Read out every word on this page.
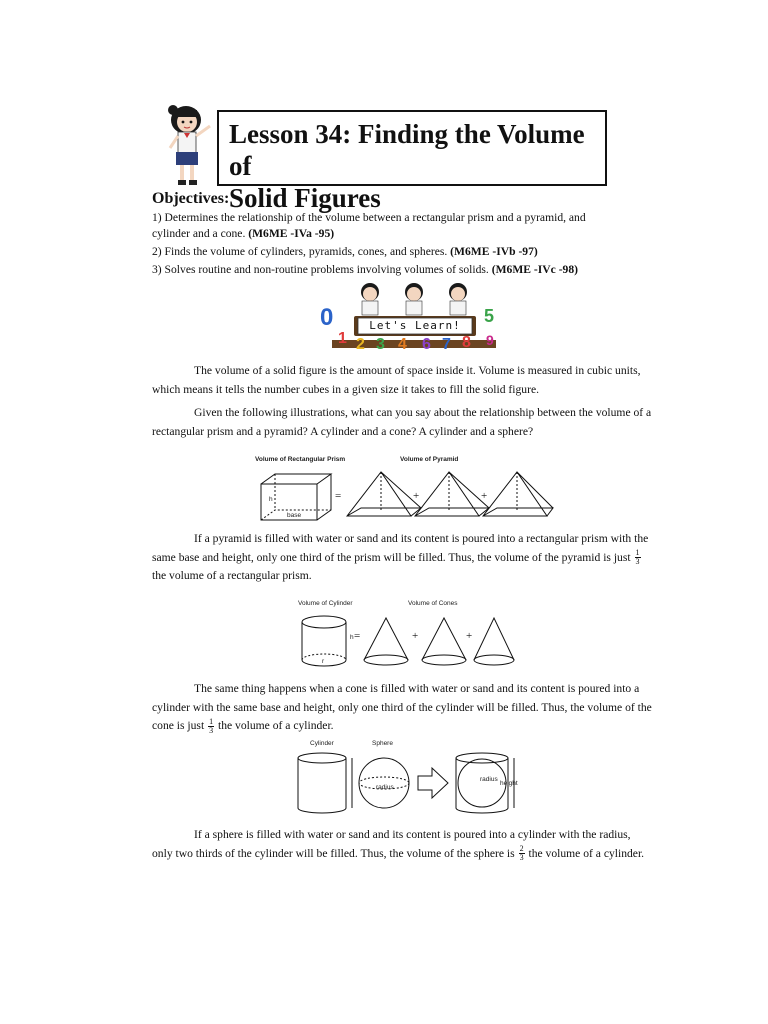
Lesson 34: Finding the Volume of
Solid Figures
Objectives:
1) Determines the relationship of the volume between a rectangular prism and a pyramid, and
cylinder and a cone. (M6ME -IVa -95)
2) Finds the volume of cylinders, pyramids, cones, and spheres. (M6ME -IVb -97)
3) Solves routine and non-routine problems involving volumes of solids. (M6ME -IVc -98)
Let's Learn!
0
1 2 3 4
5
6 7 8 9
The volume of a solid figure is the amount of space inside it. Volume is measured in cubic units, which means it tells the number cubes in a given size it takes to fill the solid figure.
Given the following illustrations, what can you say about the relationship between the volume of a rectangular prism and a pyramid? A cylinder and a cone? A cylinder and a sphere?
Volume of Rectangular Prism	Volume of Pyramid
h
base
=	+	+
If a pyramid is filled with water or sand and its content is poured into a rectangular prism with the same base and height, only one third of the prism will be filled. Thus, the volume of the pyramid is just $\frac{1}{3}$
the volume of a rectangular prism.
Volume of Cylinder	Volume of Cones
h
r
=	+	+
The same thing happens when a cone is filled with water or sand and its content is poured into a cylinder with the same base and height, only one third of the cylinder will be filled. Thus, the volume of the cone is just $\frac{1}{3}$ the volume of a cylinder.
Cylinder	Sphere
radius
radius
height
If a sphere is filled with water or sand and its content is poured into a cylinder with the radius, only two thirds of the cylinder will be filled. Thus, the volume of the sphere is $\frac{2}{3}$ the volume of a cylinder.
